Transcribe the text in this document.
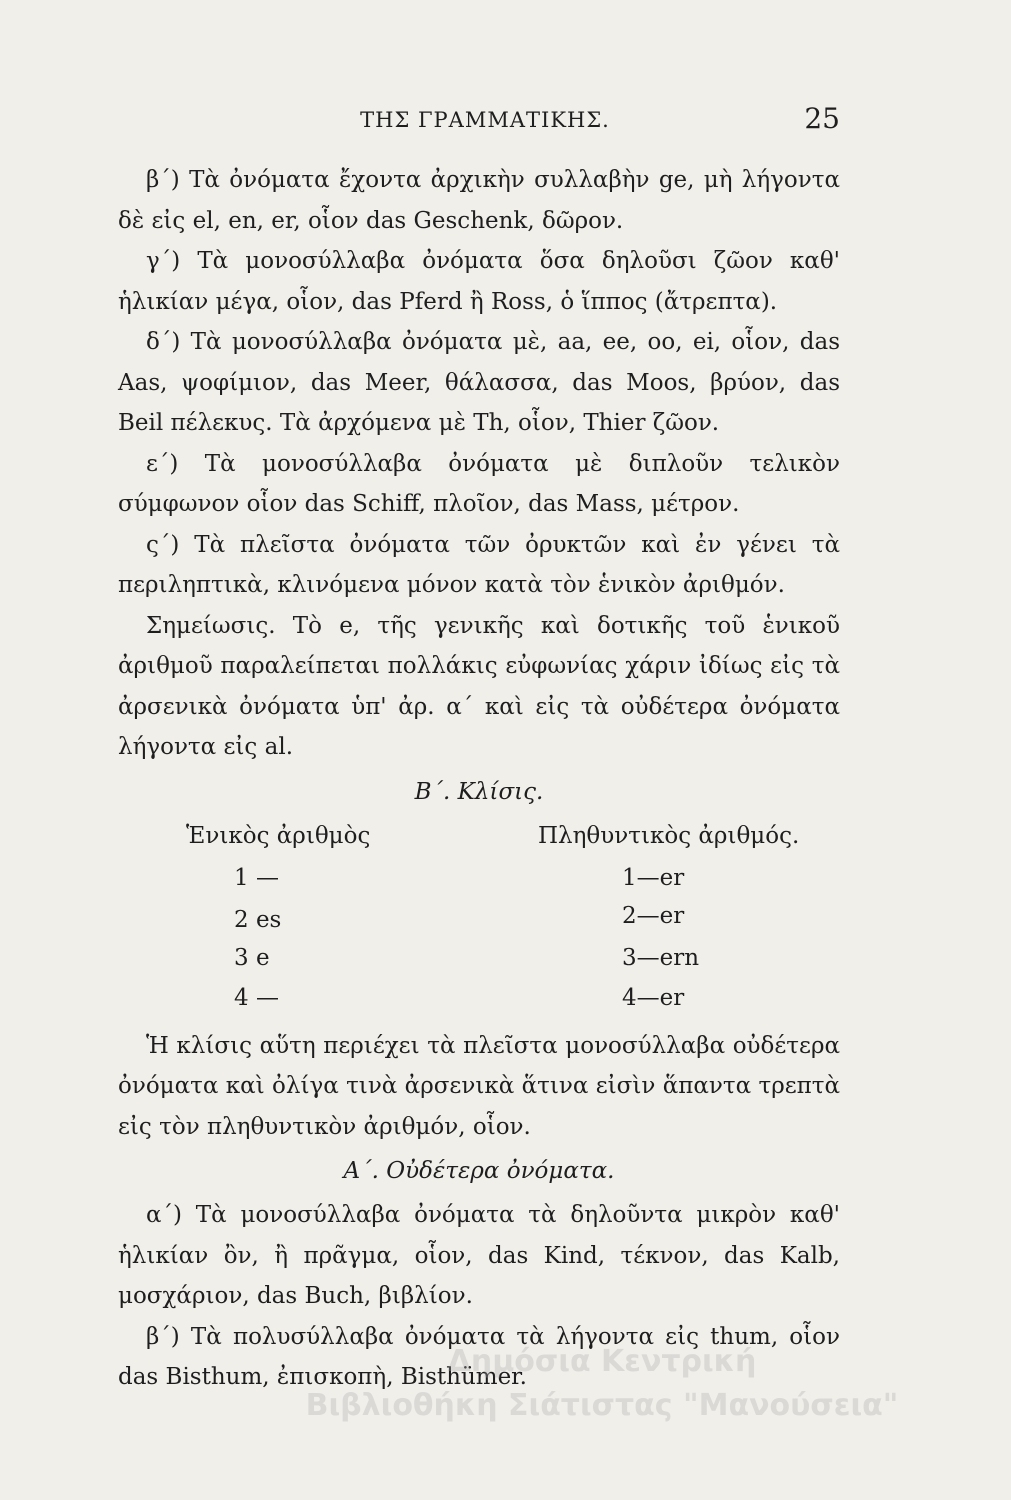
ΤΗΣ ΓΡΑΜΜΑΤΙΚΗΣ.	25

β΄) Τὰ ὀνόματα ἔχοντα ἀρχικὴν συλλαβὴν ge, μὴ λήγοντα δὲ εἰς el, en, er, οἷον das Geschenk, δῶρον.

γ΄) Τὰ μονοσύλλαβα ὀνόματα ὅσα δηλοῦσι ζῶον καθ' ἡλικίαν μέγα, οἷον, das Pferd ἢ Ross, ὁ ἵππος (ἄτρεπτα).

δ΄) Τὰ μονοσύλλαβα ὀνόματα μὲ, aa, ee, oo, ei, οἷον, das Aas, ψοφίμιον, das Meer, θάλασσα, das Moos, βρύον, das Beil πέλεκυς. Τὰ ἀρχόμενα μὲ Th, οἷον, Thier ζῶον.

ε΄) Τὰ μονοσύλλαβα ὀνόματα μὲ διπλοῦν τελικὸν σύμφωνον οἷον das Schiff, πλοῖον, das Mass, μέτρον.

ς΄) Τὰ πλεῖστα ὀνόματα τῶν ὀρυκτῶν καὶ ἐν γένει τὰ περιληπτικὰ, κλινόμενα μόνον κατὰ τὸν ἑνικὸν ἀριθμόν.

Σημείωσις. Τὸ e, τῆς γενικῆς καὶ δοτικῆς τοῦ ἑνικοῦ ἀριθμοῦ παραλείπεται πολλάκις εὐφωνίας χάριν ἰδίως εἰς τὰ ἀρσενικὰ ὀνόματα ὑπ' ἀρ. α΄ καὶ εἰς τὰ οὐδέτερα ὀνόματα λήγοντα εἰς al.

Β΄. Κλίσις.
Ἑνικὸς ἀριθμὸς	Πληθυντικὸς ἀριθμός.
1 —
2 es
3 e
4 —
1—er
2—er
3—ern
4—er

Ἡ κλίσις αὕτη περιέχει τὰ πλεῖστα μονοσύλλαβα οὐδέτερα ὀνόματα καὶ ὀλίγα τινὰ ἀρσενικὰ ἅτινα εἰσὶν ἅπαντα τρεπτὰ εἰς τὸν πληθυντικὸν ἀριθμόν, οἷον.

Α΄. Οὐδέτερα ὀνόματα.

α΄) Τὰ μονοσύλλαβα ὀνόματα τὰ δηλοῦντα μικρὸν καθ' ἡλικίαν ὂν, ἢ πρᾶγμα, οἷον, das Kind, τέκνον, das Kalb, μοσχάριον, das Buch, βιβλίον.

β΄) Τὰ πολυσύλλαβα ὀνόματα τὰ λήγοντα εἰς thum, οἷον das Bisthum, ἐπισκοπὴ, Bisthümer.

Δημόσια Κεντρική
Βιβλιοθήκη Σιάτιστας "Μανούσεια"
